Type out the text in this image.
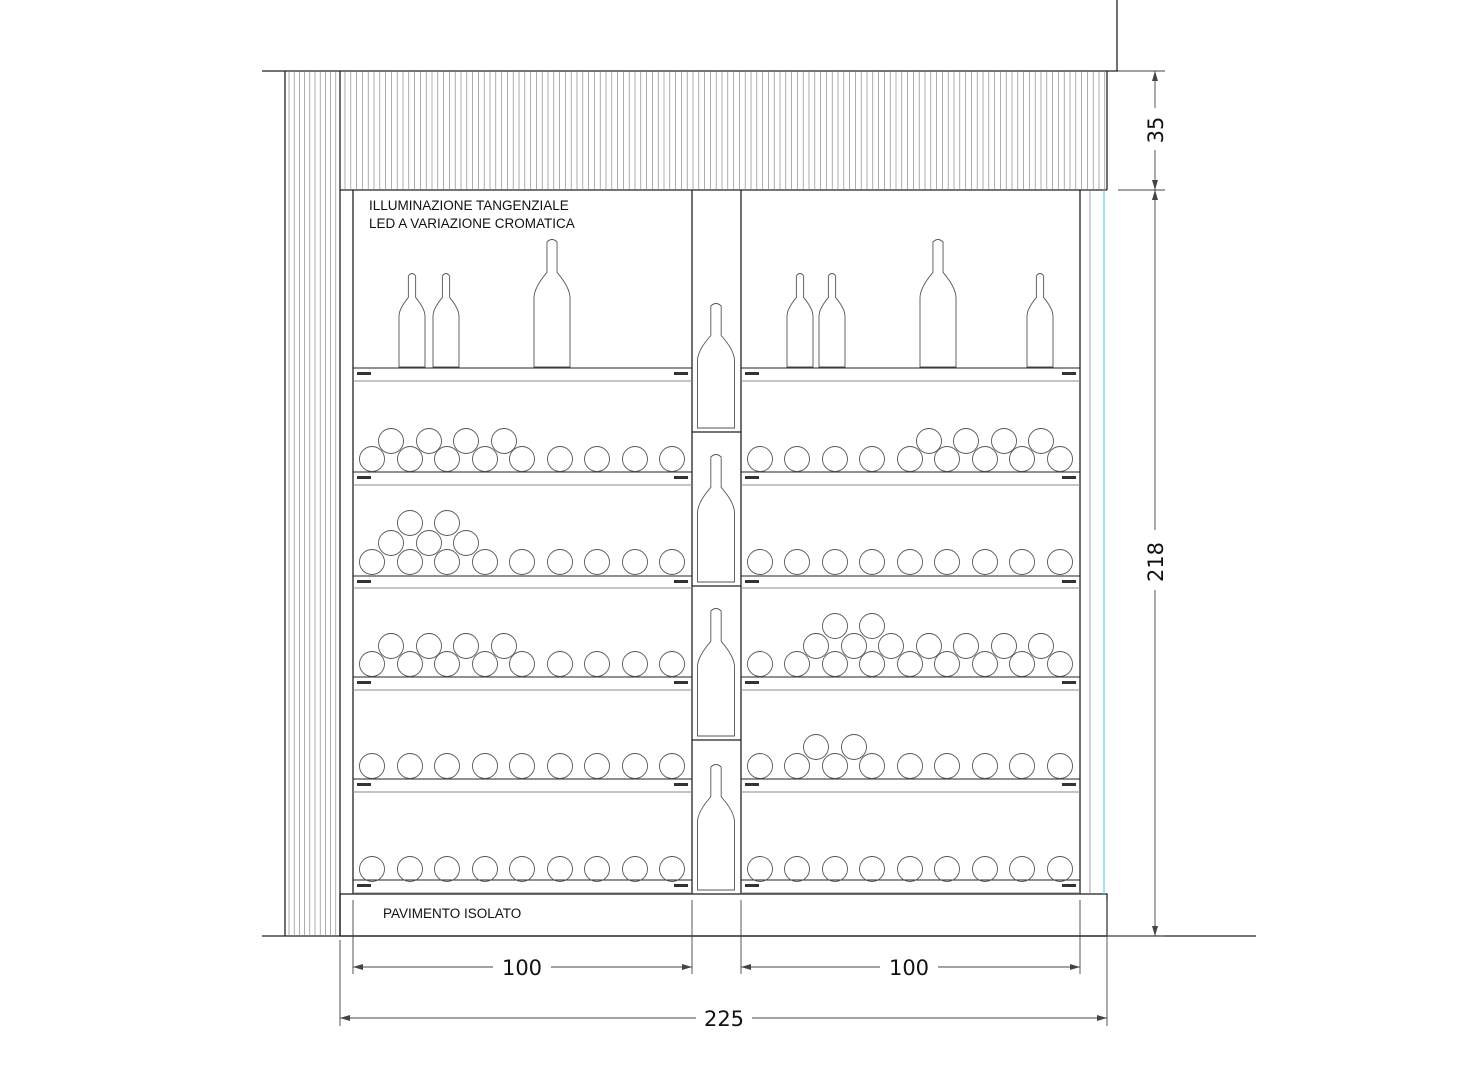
ILLUMINAZIONE TANGENZIALE
LED A VARIAZIONE CROMATICA
PAVIMENTO ISOLATO
100	100
225
35
218
